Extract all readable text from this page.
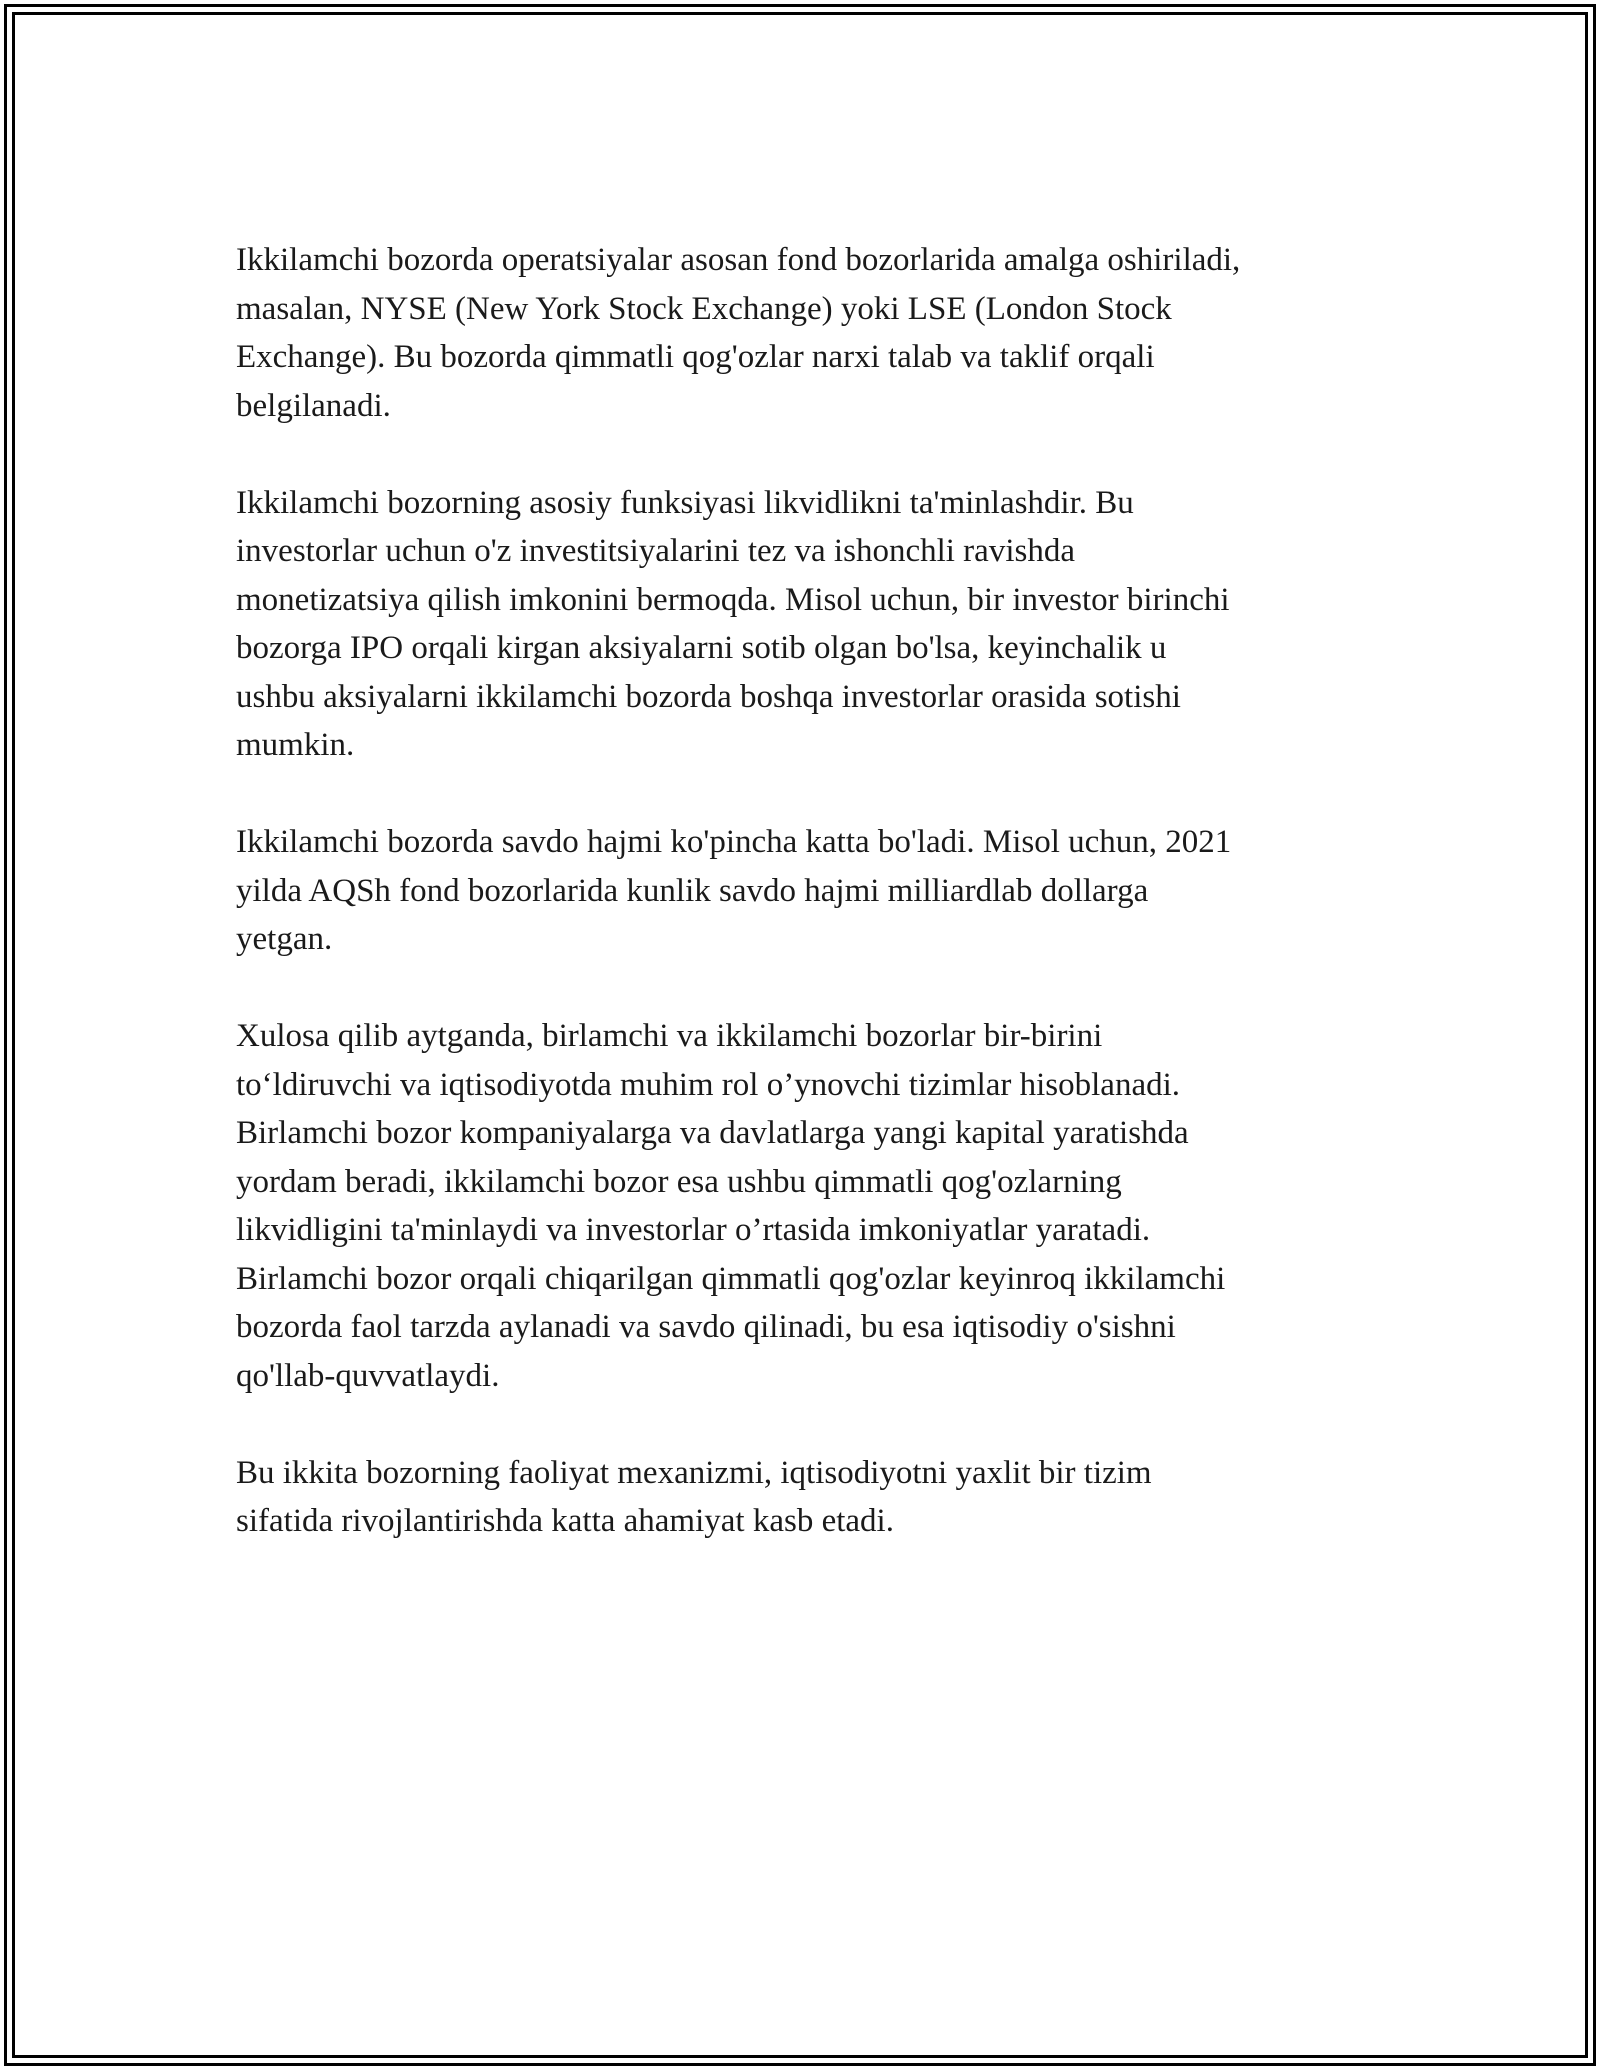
Ikkilamchi bozorda operatsiyalar asosan fond bozorlarida amalga oshiriladi,
masalan, NYSE (New York Stock Exchange) yoki LSE (London Stock
Exchange). Bu bozorda qimmatli qog'ozlar narxi talab va taklif orqali
belgilanadi.

Ikkilamchi bozorning asosiy funksiyasi likvidlikni ta'minlashdir. Bu
investorlar uchun o'z investitsiyalarini tez va ishonchli ravishda
monetizatsiya qilish imkonini bermoqda. Misol uchun, bir investor birinchi
bozorga IPO orqali kirgan aksiyalarni sotib olgan bo'lsa, keyinchalik u
ushbu aksiyalarni ikkilamchi bozorda boshqa investorlar orasida sotishi
mumkin.

Ikkilamchi bozorda savdo hajmi ko'pincha katta bo'ladi. Misol uchun, 2021
yilda AQSh fond bozorlarida kunlik savdo hajmi milliardlab dollarga
yetgan.

Xulosa qilib aytganda, birlamchi va ikkilamchi bozorlar bir-birini
to‘ldiruvchi va iqtisodiyotda muhim rol o’ynovchi tizimlar hisoblanadi.
Birlamchi bozor kompaniyalarga va davlatlarga yangi kapital yaratishda
yordam beradi, ikkilamchi bozor esa ushbu qimmatli qog'ozlarning
likvidligini ta'minlaydi va investorlar o’rtasida imkoniyatlar yaratadi.
Birlamchi bozor orqali chiqarilgan qimmatli qog'ozlar keyinroq ikkilamchi
bozorda faol tarzda aylanadi va savdo qilinadi, bu esa iqtisodiy o'sishni
qo'llab-quvvatlaydi.

Bu ikkita bozorning faoliyat mexanizmi, iqtisodiyotni yaxlit bir tizim
sifatida rivojlantirishda katta ahamiyat kasb etadi.
